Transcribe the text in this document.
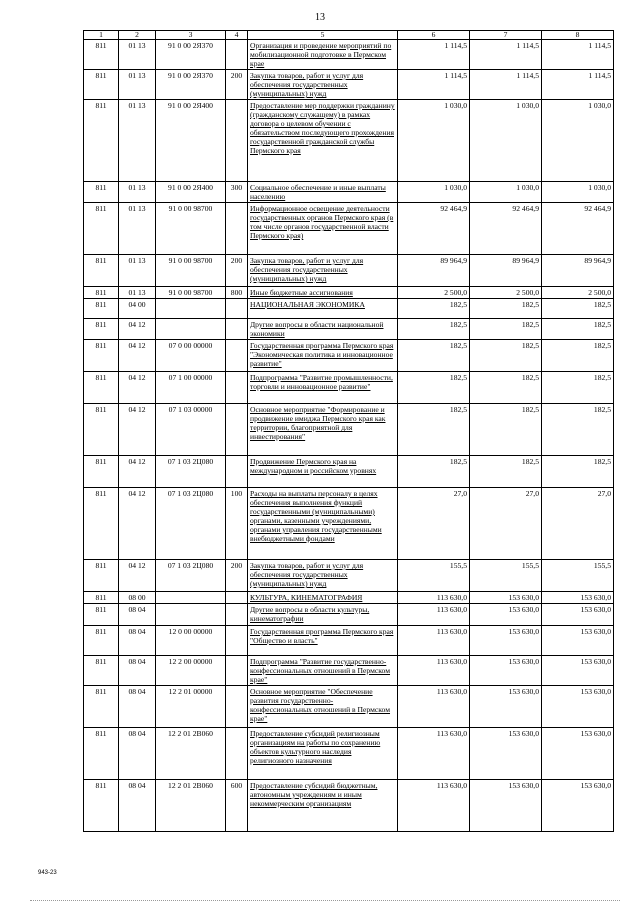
13
1	2	3	4	5	6	7	8
811	01 13	91 0 00 2Я370		Организация и проведение мероприятий по мобилизационной подготовке в Пермском крае	1 114,5	1 114,5	1 114,5
811	01 13	91 0 00 2Я370	200	Закупка товаров, работ и услуг для обеспечения государственных (муниципальных) нужд	1 114,5	1 114,5	1 114,5
811	01 13	91 0 00 2Я400		Предоставление мер поддержки гражданину (гражданскому служащему) в рамках договора о целевом обучении с обязательством последующего прохождения государственной гражданской службы Пермского края	1 030,0	1 030,0	1 030,0
811	01 13	91 0 00 2Я400	300	Социальное обеспечение и иные выплаты населению	1 030,0	1 030,0	1 030,0
811	01 13	91 0 00 98700		Информационное освещение деятельности государственных органов Пермского края (в том числе органов государственной власти Пермского края)	92 464,9	92 464,9	92 464,9
811	01 13	91 0 00 98700	200	Закупка товаров, работ и услуг для обеспечения государственных (муниципальных) нужд	89 964,9	89 964,9	89 964,9
811	01 13	91 0 00 98700	800	Иные бюджетные ассигнования	2 500,0	2 500,0	2 500,0
811	04 00			НАЦИОНАЛЬНАЯ ЭКОНОМИКА	182,5	182,5	182,5
811	04 12			Другие вопросы в области национальной экономики	182,5	182,5	182,5
811	04 12	07 0 00 00000		Государственная программа Пермского края "Экономическая политика и инновационное развитие"	182,5	182,5	182,5
811	04 12	07 1 00 00000		Подпрограмма "Развитие промышленности, торговли и инновационное развитие"	182,5	182,5	182,5
811	04 12	07 1 03 00000		Основное мероприятие "Формирование и продвижение имиджа Пермского края как территории, благоприятной для инвестирования"	182,5	182,5	182,5
811	04 12	07 1 03 2Ц080		Продвижение Пермского края на международном и российском уровнях	182,5	182,5	182,5
811	04 12	07 1 03 2Ц080	100	Расходы на выплаты персоналу в целях обеспечения выполнения функций государственными (муниципальными) органами, казенными учреждениями, органами управления государственными внебюджетными фондами	27,0	27,0	27,0
811	04 12	07 1 03 2Ц080	200	Закупка товаров, работ и услуг для обеспечения государственных (муниципальных) нужд	155,5	155,5	155,5
811	08 00			КУЛЬТУРА, КИНЕМАТОГРАФИЯ	113 630,0	153 630,0	153 630,0
811	08 04			Другие вопросы в области культуры, кинематографии	113 630,0	153 630,0	153 630,0
811	08 04	12 0 00 00000		Государственная программа Пермского края "Общество и власть"	113 630,0	153 630,0	153 630,0
811	08 04	12 2 00 00000		Подпрограмма "Развитие государственно-конфессиональных отношений в Пермском крае"	113 630,0	153 630,0	153 630,0
811	08 04	12 2 01 00000		Основное мероприятие "Обеспечение развития государственно-конфессиональных отношений в Пермском крае"	113 630,0	153 630,0	153 630,0
811	08 04	12 2 01 2В060		Предоставление субсидий религиозным организациям на работы по сохранению объектов культурного наследия религиозного назначения	113 630,0	153 630,0	153 630,0
811	08 04	12 2 01 2В060	600	Предоставление субсидий бюджетным, автономным учреждениям и иным некоммерческим организациям	113 630,0	153 630,0	153 630,0
943-23
